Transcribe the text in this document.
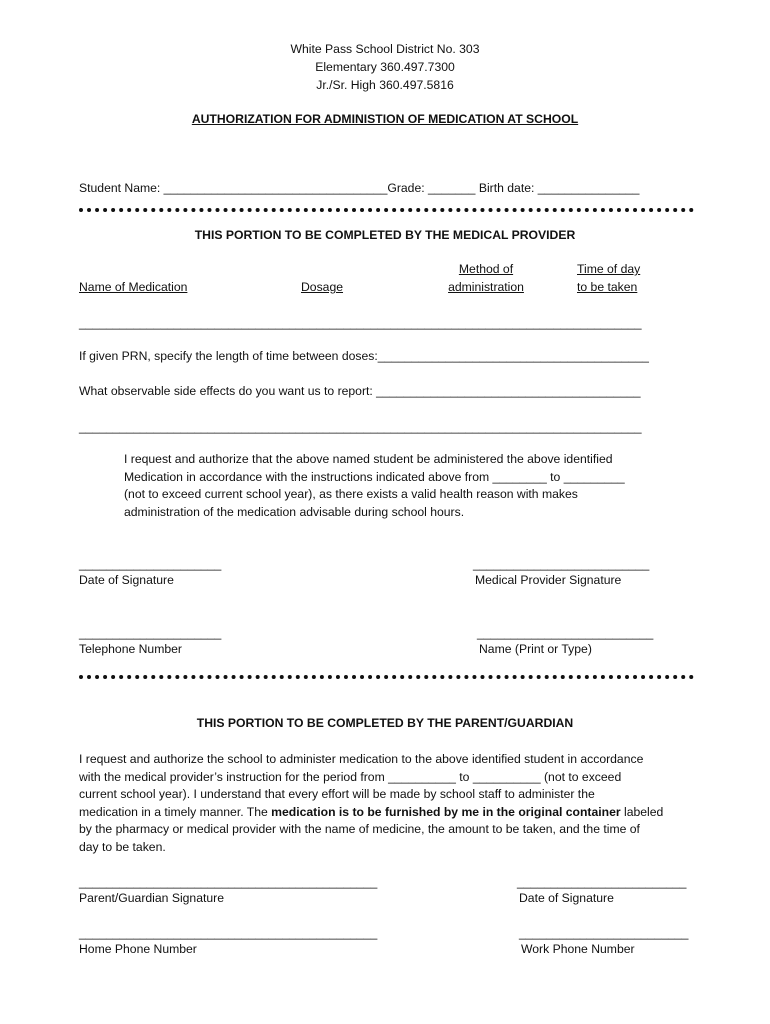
White Pass School District No. 303
Elementary 360.497.7300
Jr./Sr. High 360.497.5816
AUTHORIZATION FOR ADMINISTION OF MEDICATION AT SCHOOL
Student Name: _________________________________Grade: _______ Birth date: _______________
THIS PORTION TO BE COMPLETED BY THE MEDICAL PROVIDER
Name of Medication	Dosage
Method of
administration
Time of day
to be taken
___________________________________________________________________________________
If given PRN, specify the length of time between doses:________________________________________
What observable side effects do you want us to report: _______________________________________
___________________________________________________________________________________
I request and authorize that the above named student be administered the above identified
Medication in accordance with the instructions indicated above from ________ to _________
(not to exceed current school year), as there exists a valid health reason with makes
administration of the medication advisable during school hours.
_____________________
Date of Signature
__________________________
Medical Provider Signature
_____________________
Telephone Number
__________________________
Name (Print or Type)
THIS PORTION TO BE COMPLETED BY THE PARENT/GUARDIAN
I request and authorize the school to administer medication to the above identified student in accordance
with the medical provider’s instruction for the period from __________ to __________ (not to exceed
current school year). I understand that every effort will be made by school staff to administer the
medication in a timely manner. The medication is to be furnished by me in the original container labeled
by the pharmacy or medical provider with the name of medicine, the amount to be taken, and the time of
day to be taken.
____________________________________________
Parent/Guardian Signature
_________________________
Date of Signature
____________________________________________
Home Phone Number
_________________________
Work Phone Number
